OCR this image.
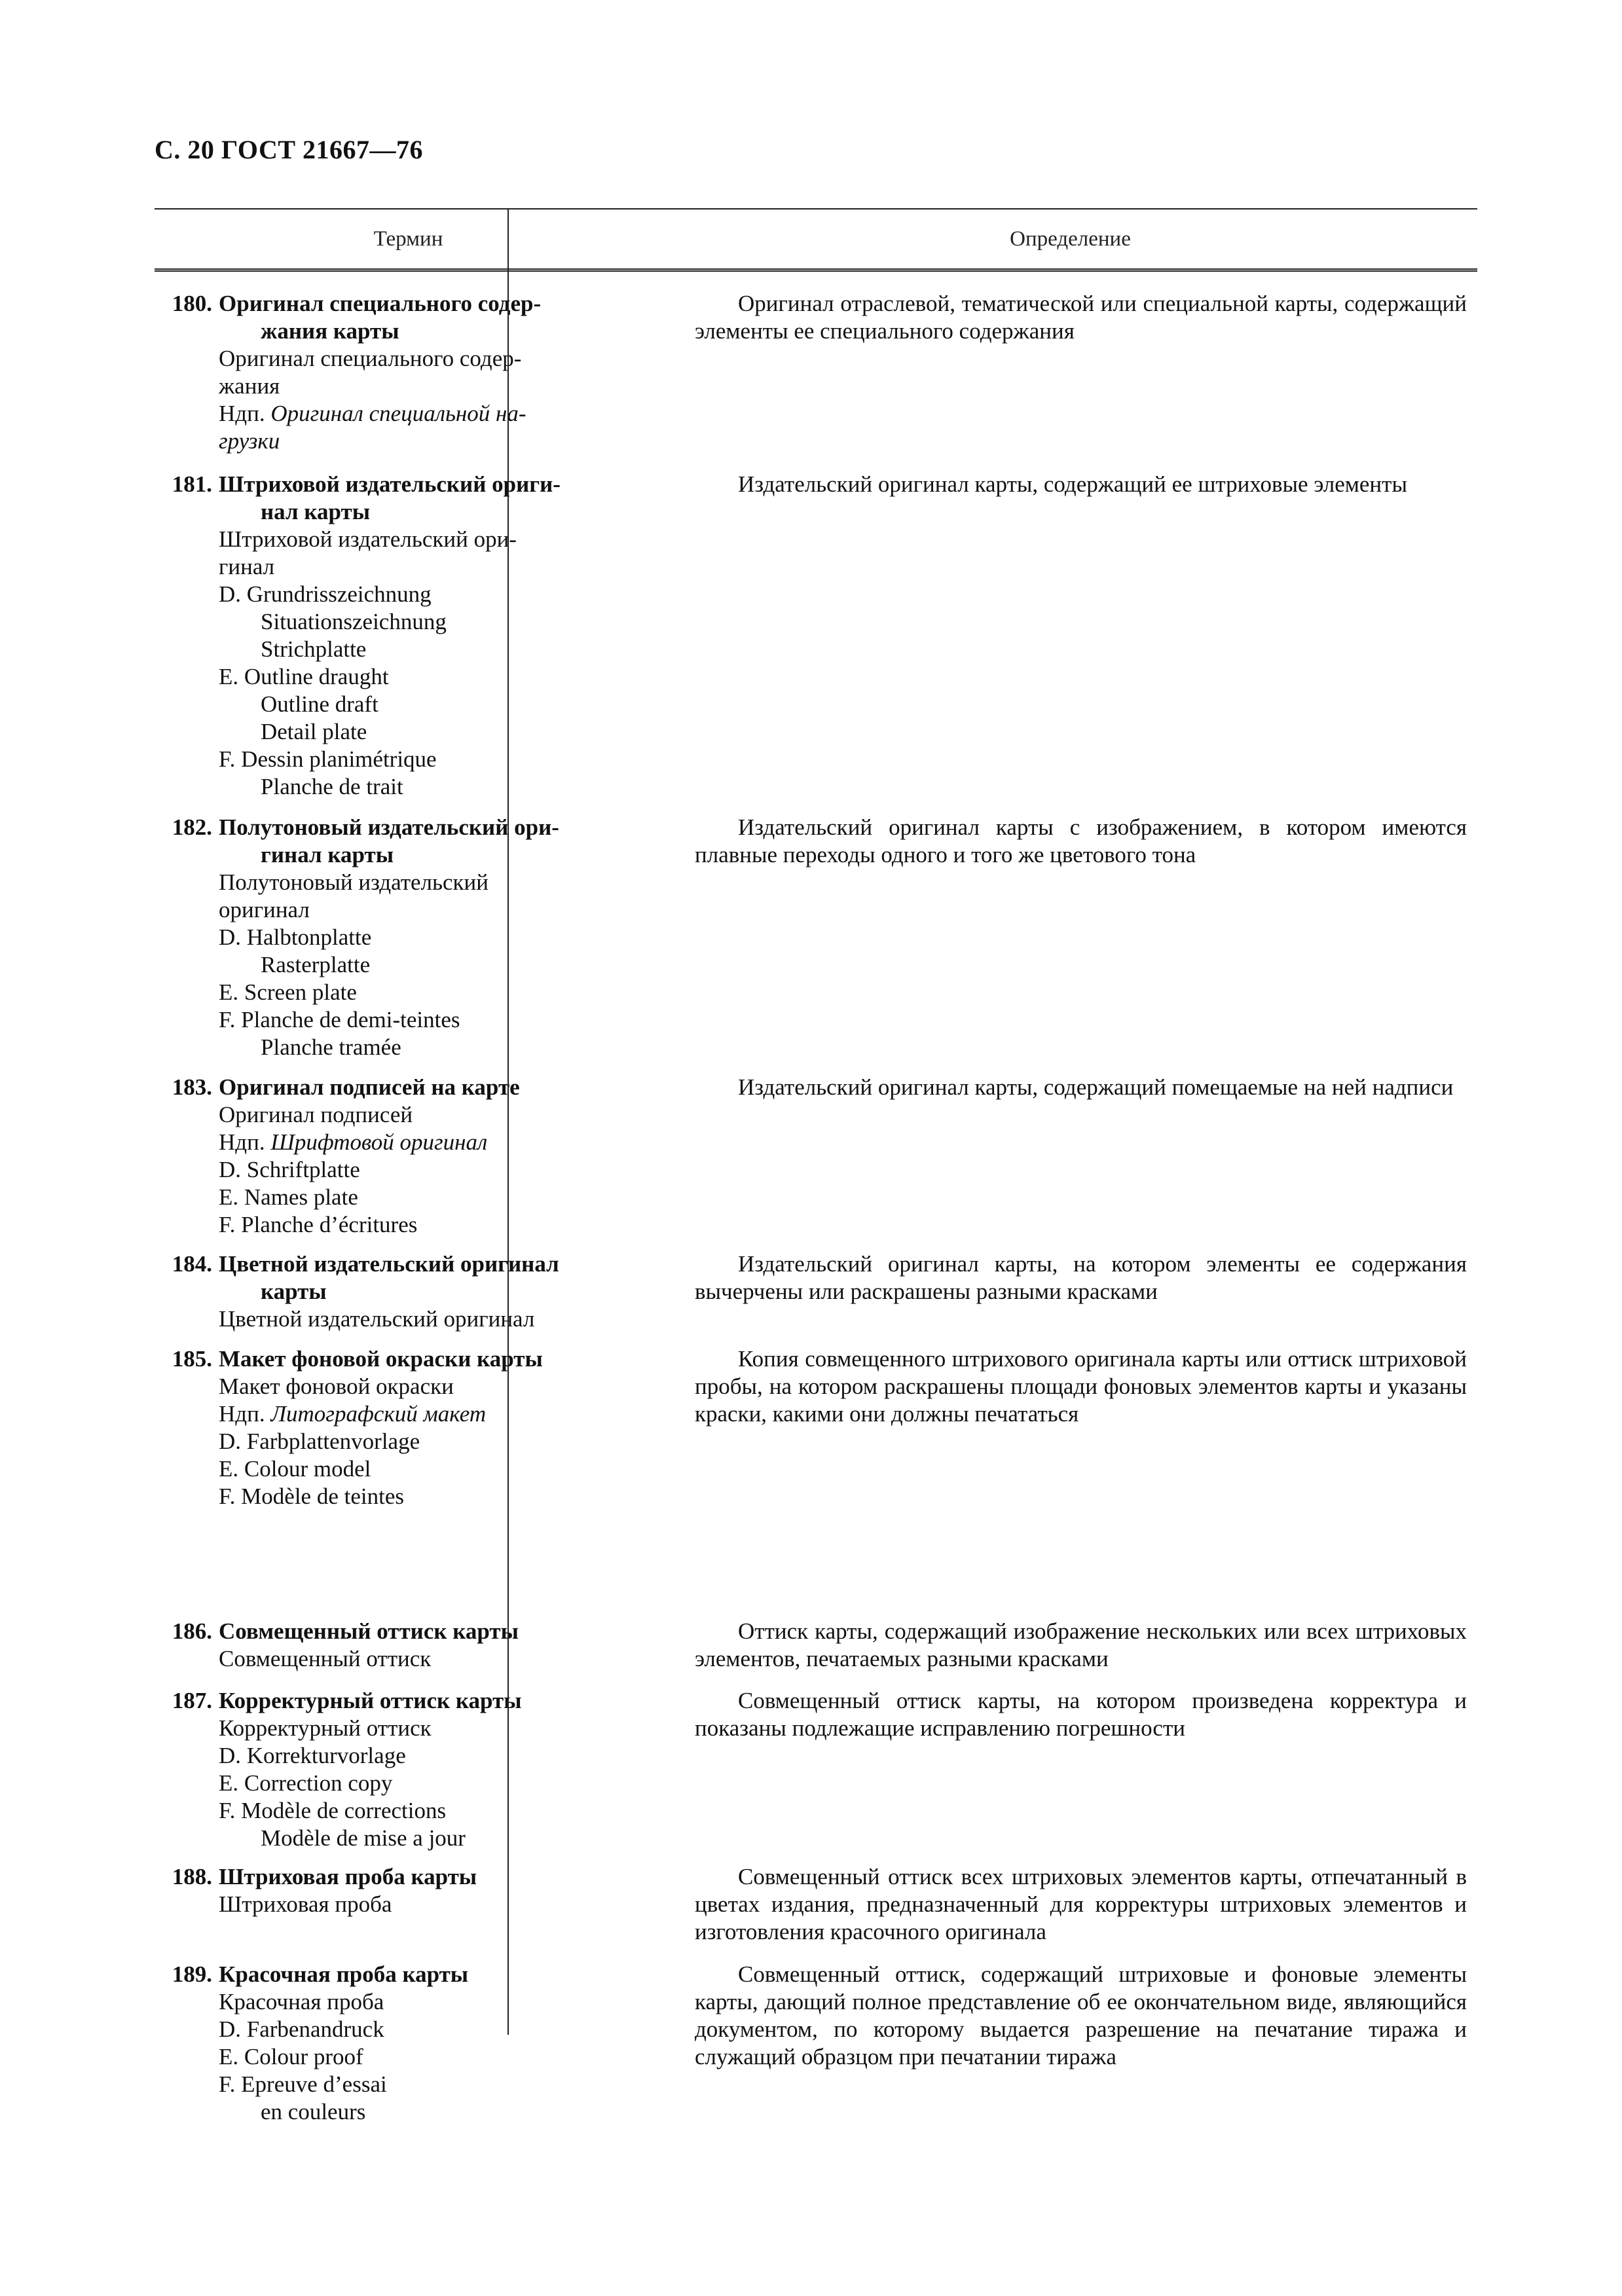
С. 20 ГОСТ 21667—76
Термин	Определение
180. Оригинал специального содер-
жания карты
Оригинал специального содер-
жания
Ндп. Оригинал специальной на-
грузки
Оригинал отраслевой, тематической или специальной карты, содержащий элементы ее специального содержания
181. Штриховой издательский ориги-
нал карты
Штриховой издательский ори-
гинал
D. Grundrisszeichnung
Situationszeichnung
Strichplatte
E. Outline draught
Outline draft
Detail plate
F. Dessin planimétrique
Planche de trait
Издательский оригинал карты, содержащий ее штриховые элементы
182. Полутоновый издательский ори-
гинал карты
Полутоновый издательский
оригинал
D. Halbtonplatte
Rasterplatte
E. Screen plate
F. Planche de demi-teintes
Planche tramée
Издательский оригинал карты с изображением, в котором имеются плавные переходы одного и того же цветового тона
183. Оригинал подписей на карте
Оригинал подписей
Ндп. Шрифтовой оригинал
D. Schriftplatte
E. Names plate
F. Planche d’écritures
Издательский оригинал карты, содержащий помещаемые на ней надписи
184. Цветной издательский оригинал
карты
Цветной издательский оригинал
Издательский оригинал карты, на котором элементы ее содержания вычерчены или раскрашены разными красками
185. Макет фоновой окраски карты
Макет фоновой окраски
Ндп. Литографский макет
D. Farbplattenvorlage
E. Colour model
F. Modèle de teintes
Копия совмещенного штрихового оригинала карты или оттиск штриховой пробы, на котором раскрашены площади фоновых элементов карты и указаны краски, какими они должны печататься
186. Совмещенный оттиск карты
Совмещенный оттиск
Оттиск карты, содержащий изображение нескольких или всех штриховых элементов, печатаемых разными красками
187. Корректурный оттиск карты
Корректурный оттиск
D. Korrekturvorlage
E. Correction copy
F. Modèle de corrections
Modèle de mise a jour
Совмещенный оттиск карты, на котором произведена корректура и показаны подлежащие исправлению погрешности
188. Штриховая проба карты
Штриховая проба
Совмещенный оттиск всех штриховых элементов карты, отпечатанный в цветах издания, предназначенный для корректуры штриховых элементов и изготовления красочного оригинала
189. Красочная проба карты
Красочная проба
D. Farbenandruck
E. Colour proof
F. Epreuve d’essai
en couleurs
Совмещенный оттиск, содержащий штриховые и фоновые элементы карты, дающий полное представление об ее окончательном виде, являющийся документом, по которому выдается разрешение на печатание тиража и служащий образцом при печатании тиража
